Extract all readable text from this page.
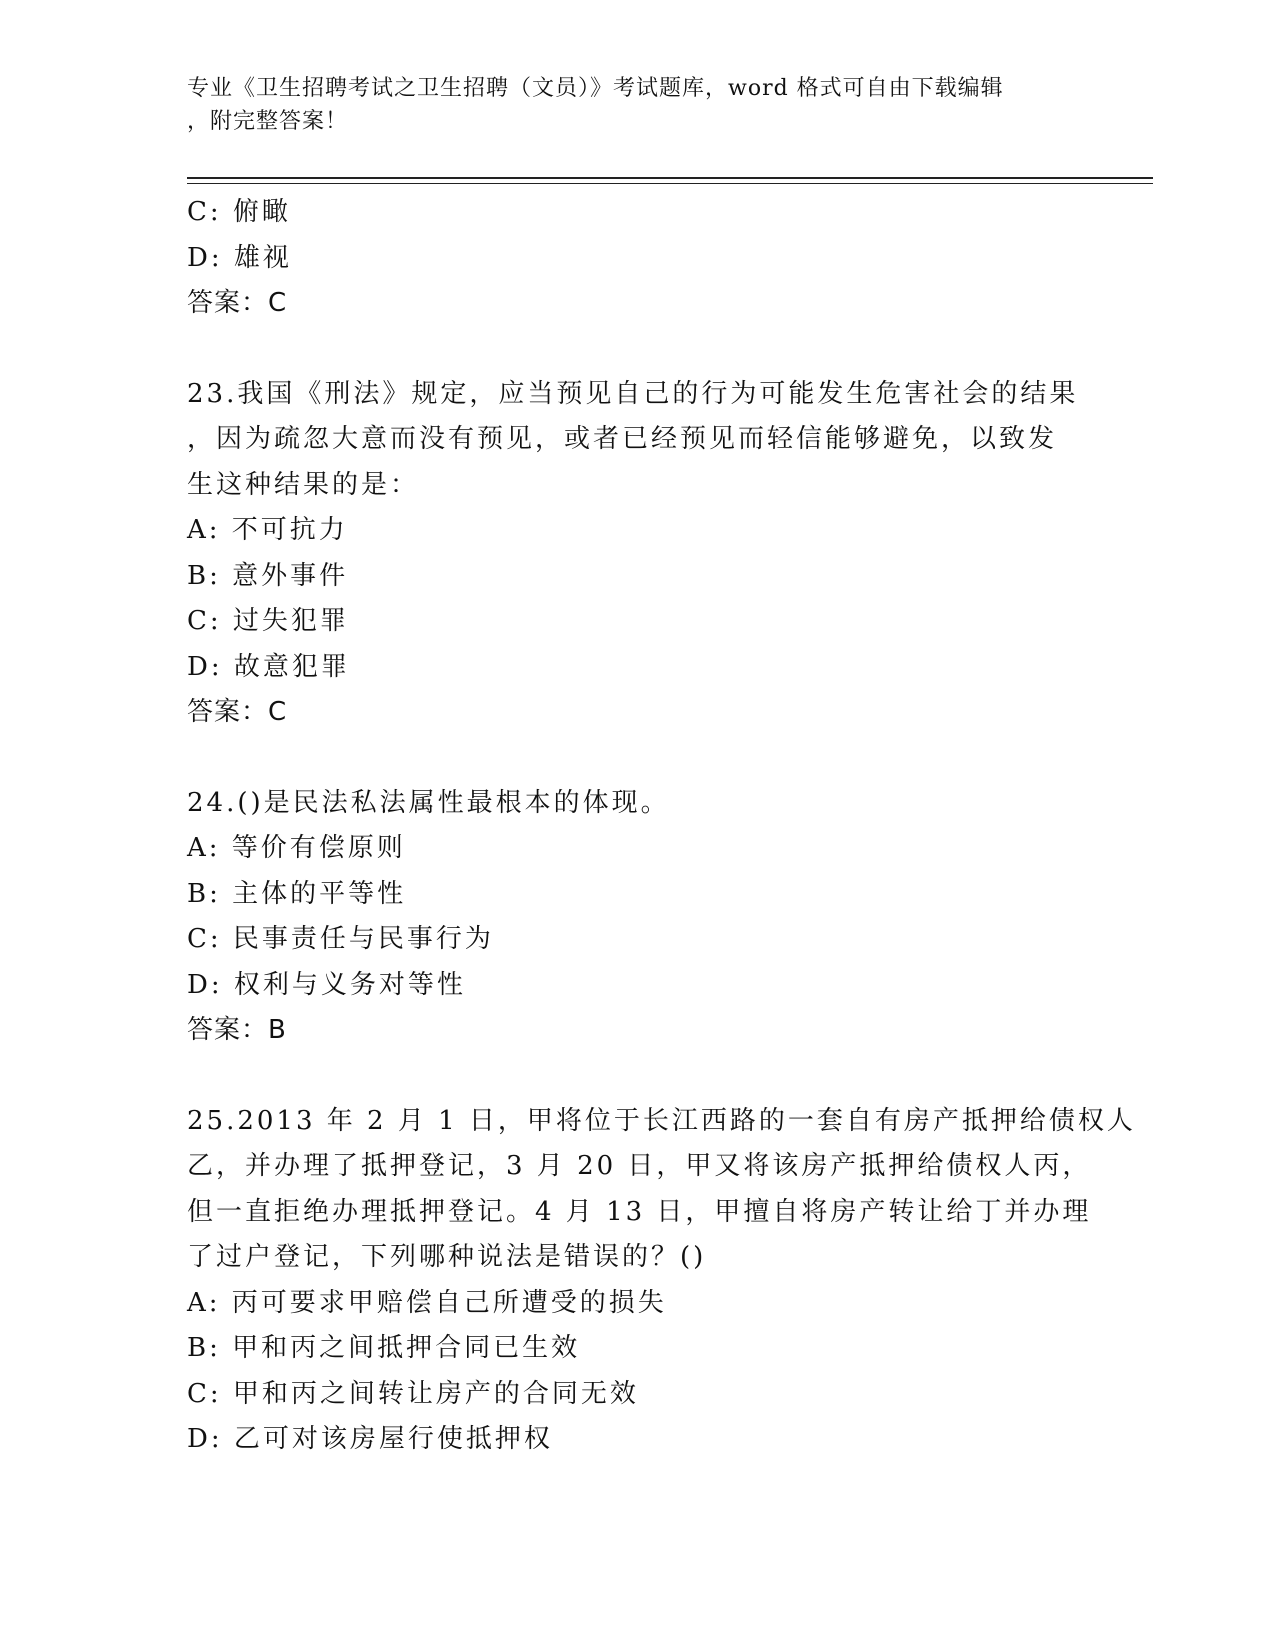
专业《卫生招聘考试之卫生招聘（文员）》考试题库，word 格式可自由下载编辑
，附完整答案！
C: 俯瞰
D: 雄视
答案：C
23.我国《刑法》规定，应当预见自己的行为可能发生危害社会的结果
，因为疏忽大意而没有预见，或者已经预见而轻信能够避免，以致发
生这种结果的是：
A: 不可抗力
B: 意外事件
C: 过失犯罪
D: 故意犯罪
答案：C
24.()是民法私法属性最根本的体现。
A: 等价有偿原则
B: 主体的平等性
C: 民事责任与民事行为
D: 权利与义务对等性
答案：B
25.2013 年 2 月 1 日，甲将位于长江西路的一套自有房产抵押给债权人
乙，并办理了抵押登记，3 月 20 日，甲又将该房产抵押给债权人丙，
但一直拒绝办理抵押登记。4 月 13 日，甲擅自将房产转让给丁并办理
了过户登记，下列哪种说法是错误的？()
A: 丙可要求甲赔偿自己所遭受的损失
B: 甲和丙之间抵押合同已生效
C: 甲和丙之间转让房产的合同无效
D: 乙可对该房屋行使抵押权
